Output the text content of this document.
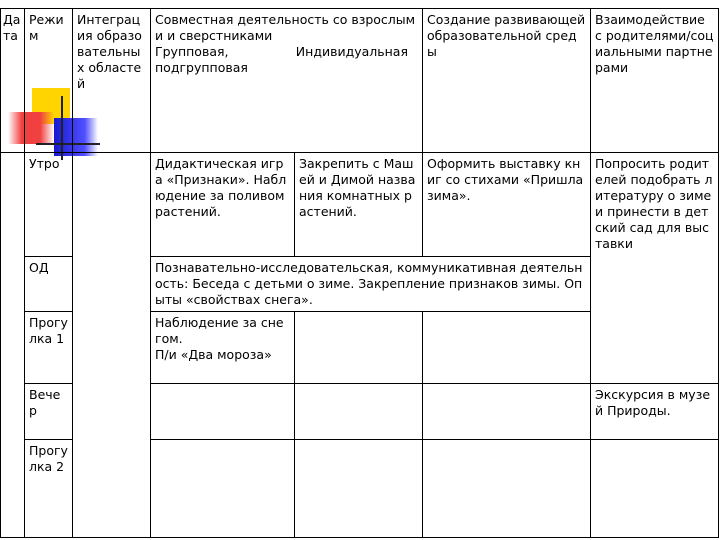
Дата	Режим	Интеграция образовательных областей	Совместная деятельность со взрослыми и сверстниками
Групповая, Индивидуальная
подгрупповая		Создание развивающей образовательной среды	Взаимодействие с родителями/социальными партнерами
	Утро		Дидактическая игра «Признаки». Наблюдение за поливом растений.	Закрепить с Машей и Димой названия комнатных растений.	Оформить выставку книг со стихами «Пришла зима».	Попросить родителей подобрать литературу о зиме и принести в детский сад для выставки
	ОД		Познавательно-исследовательская, коммуникативная деятельность: Беседа с детьми о зиме. Закрепление признаков зимы. Опыты «свойствах снега».			
	Прогулка 1		Наблюдение за снегом.
П/и «Два мороза»			

	Вечер					Экскурсия в музей Природы.
	Прогулка 2					
